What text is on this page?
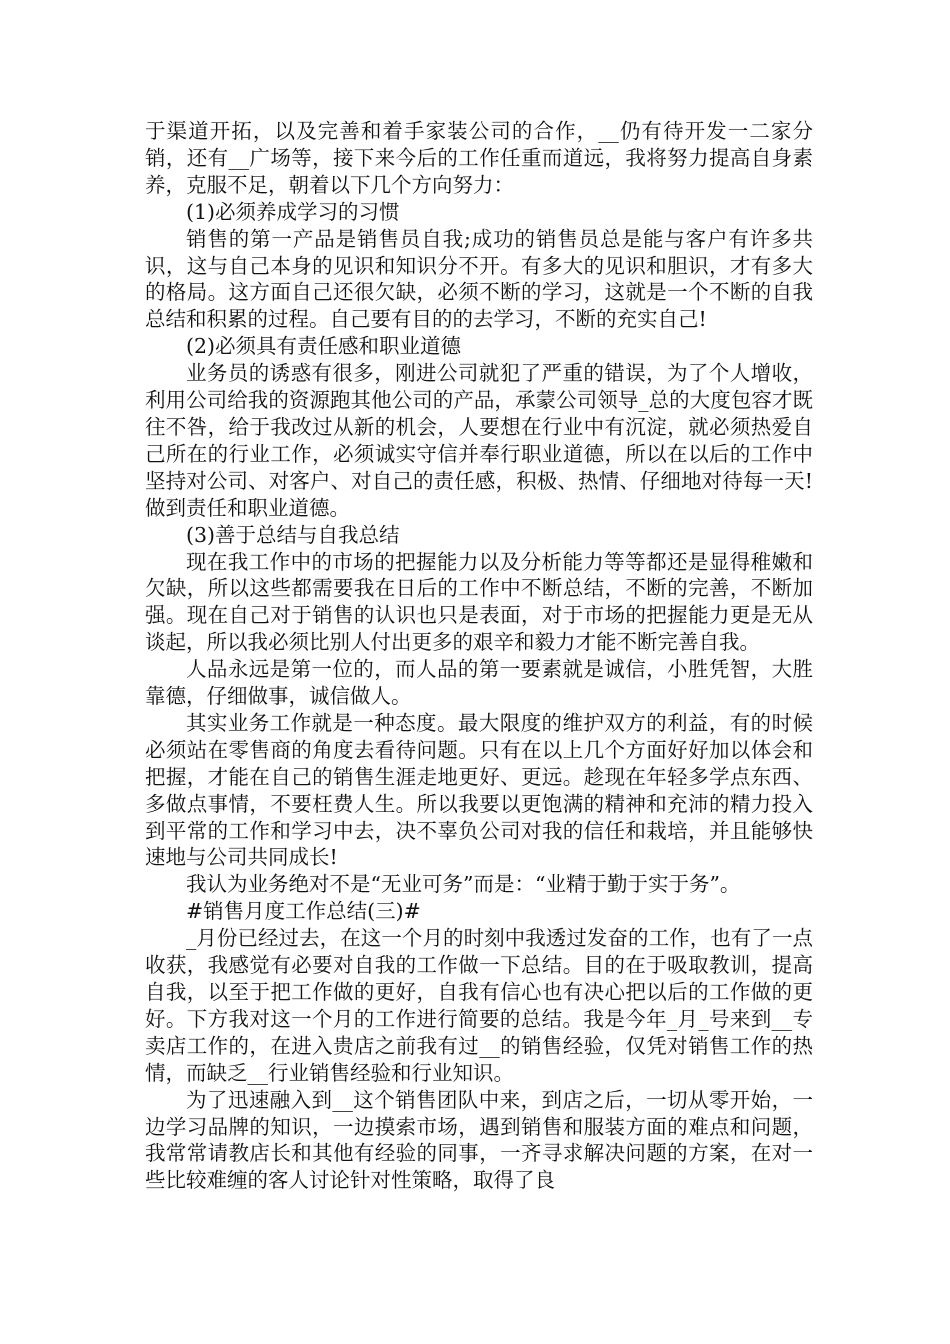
于渠道开拓，以及完善和着手家装公司的合作，__仍有待开发一二家分销，还有__广场等，接下来今后的工作任重而道远，我将努力提高自身素养，克服不足，朝着以下几个方向努力：

(1)必须养成学习的习惯

销售的第一产品是销售员自我;成功的销售员总是能与客户有许多共识，这与自己本身的见识和知识分不开。有多大的见识和胆识，才有多大的格局。这方面自己还很欠缺，必须不断的学习，这就是一个不断的自我总结和积累的过程。自己要有目的的去学习，不断的充实自己!

(2)必须具有责任感和职业道德

业务员的诱惑有很多，刚进公司就犯了严重的错误，为了个人增收，利用公司给我的资源跑其他公司的产品，承蒙公司领导_总的大度包容才既往不咎，给于我改过从新的机会，人要想在行业中有沉淀，就必须热爱自己所在的行业工作，必须诚实守信并奉行职业道德，所以在以后的工作中坚持对公司、对客户、对自己的责任感，积极、热情、仔细地对待每一天!做到责任和职业道德。

(3)善于总结与自我总结

现在我工作中的市场的把握能力以及分析能力等等都还是显得稚嫩和欠缺，所以这些都需要我在日后的工作中不断总结，不断的完善，不断加强。现在自己对于销售的认识也只是表面，对于市场的把握能力更是无从谈起，所以我必须比别人付出更多的艰辛和毅力才能不断完善自我。

人品永远是第一位的，而人品的第一要素就是诚信，小胜凭智，大胜靠德，仔细做事，诚信做人。

其实业务工作就是一种态度。最大限度的维护双方的利益，有的时候必须站在零售商的角度去看待问题。只有在以上几个方面好好加以体会和把握，才能在自己的销售生涯走地更好、更远。趁现在年轻多学点东西、多做点事情，不要枉费人生。所以我要以更饱满的精神和充沛的精力投入到平常的工作和学习中去，决不辜负公司对我的信任和栽培，并且能够快速地与公司共同成长!

我认为业务绝对不是“无业可务”而是：“业精于勤于实于务”。

#销售月度工作总结(三)#

_月份已经过去，在这一个月的时刻中我透过发奋的工作，也有了一点收获，我感觉有必要对自我的工作做一下总结。目的在于吸取教训，提高自我，以至于把工作做的更好，自我有信心也有决心把以后的工作做的更好。下方我对这一个月的工作进行简要的总结。我是今年_月_号来到__专卖店工作的，在进入贵店之前我有过__的销售经验，仅凭对销售工作的热情，而缺乏__行业销售经验和行业知识。

为了迅速融入到__这个销售团队中来，到店之后，一切从零开始，一边学习品牌的知识，一边摸索市场，遇到销售和服装方面的难点和问题，我常常请教店长和其他有经验的同事，一齐寻求解决问题的方案，在对一些比较难缠的客人讨论针对性策略，取得了良
